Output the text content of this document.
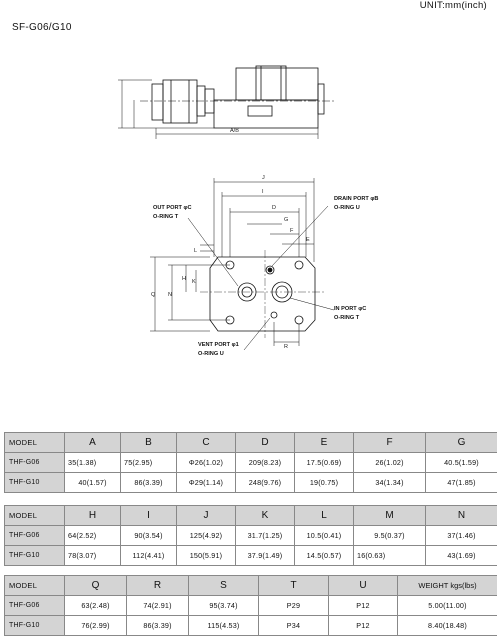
UNIT:mm(inch)
SF-G06/G10
A/B
J
I
D
G
F
E
L
Q N
H K
R
OUT PORT φC
O-RING T
DRAIN PORT φB
O-RING U
IN PORT φC
O-RING T
VENT PORT φ1
O-RING U
MODEL	A	B	C	D	E	F	G
THF-G06	35(1.38)	75(2.95)	Φ26(1.02)	209(8.23)	17.5(0.69)	26(1.02)	40.5(1.59)
THF-G10	40(1.57)	86(3.39)	Φ29(1.14)	248(9.76)	19(0.75)	34(1.34)	47(1.85)
MODEL	H	I	J	K	L	M	N
THF-G06	64(2.52)	90(3.54)	125(4.92)	31.7(1.25)	10.5(0.41)	9.5(0.37)	37(1.46)
THF-G10	78(3.07)	112(4.41)	150(5.91)	37.9(1.49)	14.5(0.57)	16(0.63)	43(1.69)
MODEL	Q	R	S	T	U	WEIGHT kgs(lbs)
THF-G06	63(2.48)	74(2.91)	95(3.74)	P29	P12	5.00(11.00)
THF-G10	76(2.99)	86(3.39)	115(4.53)	P34	P12	8.40(18.48)
